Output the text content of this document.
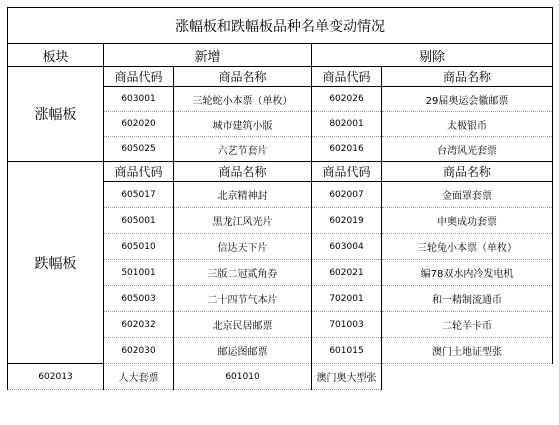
涨幅板和跌幅板品种名单变动情况				
板块	新增		剔除	
涨幅板	商品代码	商品名称	商品代码	商品名称
	603001	三轮蛇小本票（单枚）	602026	29届奥运会徽邮票
	602020	城市建筑小版	802001	太极银币
	605025	六艺节套片	602016	台湾风光套票
跌幅板	商品代码	商品名称	商品代码	商品名称
	605017	北京精神封	602007	金面罩套票
	605001	黑龙江风光片	602019	申奥成功套票
	605010	信达天下片	603004	三轮兔小本票（单枚）
	501001	三版二冠贰角券	602021	编78双水内冷发电机
	605003	二十四节气本片	702001	和一精制流通币
	602032	北京民居邮票	701003	二轮羊卡币
	602030	邮运图邮票	601015	澳门土地证型张
602013	人大套票	601010	澳门奥大型张	
